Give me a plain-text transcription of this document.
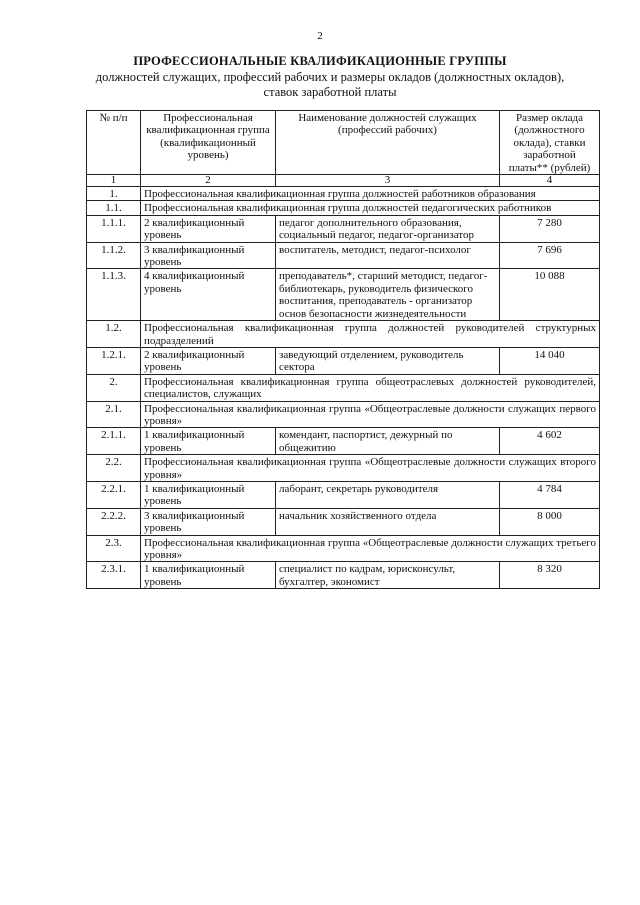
2
ПРОФЕССИОНАЛЬНЫЕ КВАЛИФИКАЦИОННЫЕ ГРУППЫ
должностей служащих, профессий рабочих и размеры окладов (должностных окладов), ставок заработной платы
№ п/п	Профессиональная квалификационная группа (квалификационный уровень)	Наименование должностей служащих (профессий рабочих)	Размер оклада (должностного оклада), ставки заработной платы** (рублей)
1	2	3	4
1.	Профессиональная квалификационная группа должностей работников образования		
1.1.	Профессиональная квалификационная группа должностей педагогических работников		
1.1.1.	2 квалификационный уровень	педагог дополнительного образования, социальный педагог, педагог-организатор	7 280
1.1.2.	3 квалификационный уровень	воспитатель, методист, педагог-психолог	7 696
1.1.3.	4 квалификационный уровень	преподаватель*, старший методист, педагог-библиотекарь, руководитель физического воспитания, преподаватель - организатор основ безопасности жизнедеятельности	10 088
1.2.	Профессиональная квалификационная группа должностей руководителей структурных подразделений		
1.2.1.	2 квалификационный уровень	заведующий отделением, руководитель сектора	14 040
2.	Профессиональная квалификационная группа общеотраслевых должностей руководителей, специалистов, служащих		
2.1.	Профессиональная квалификационная группа «Общеотраслевые должности служащих первого уровня»		
2.1.1.	1 квалификационный уровень	комендант, паспортист, дежурный по общежитию	4 602
2.2.	Профессиональная квалификационная группа «Общеотраслевые должности служащих второго уровня»		
2.2.1.	1 квалификационный уровень	лаборант, секретарь руководителя	4 784
2.2.2.	3 квалификационный уровень	начальник хозяйственного отдела	8 000
2.3.	Профессиональная квалификационная группа «Общеотраслевые должности служащих третьего уровня»		
2.3.1.	1 квалификационный уровень	специалист по кадрам, юрисконсульт, бухгалтер, экономист	8 320
